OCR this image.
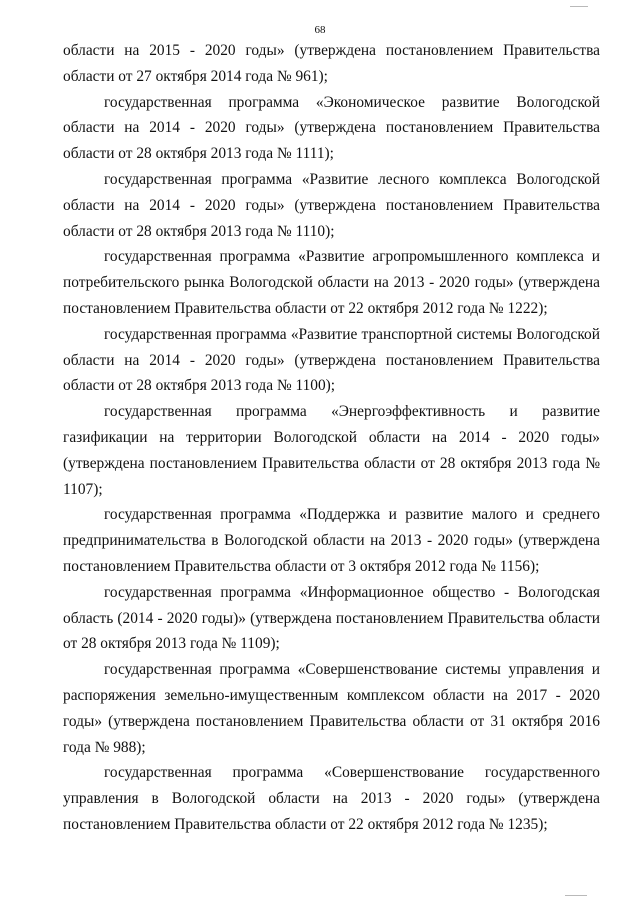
68

области на 2015 - 2020 годы» (утверждена постановлением Правительства области от 27 октября 2014 года № 961);

государственная программа «Экономическое развитие Вологодской области на 2014 - 2020 годы» (утверждена постановлением Правительства области от 28 октября 2013 года № 1111);

государственная программа «Развитие лесного комплекса Вологодской области на 2014 - 2020 годы» (утверждена постановлением Правительства области от 28 октября 2013 года № 1110);

государственная программа «Развитие агропромышленного комплекса и потребительского рынка Вологодской области на 2013 - 2020 годы» (утверждена постановлением Правительства области от 22 октября 2012 года № 1222);

государственная программа «Развитие транспортной системы Вологодской области на 2014 - 2020 годы» (утверждена постановлением Правительства области от 28 октября 2013 года № 1100);

государственная программа «Энергоэффективность и развитие газификации на территории Вологодской области на 2014 - 2020 годы» (утверждена постановлением Правительства области от 28 октября 2013 года № 1107);

государственная программа «Поддержка и развитие малого и среднего предпринимательства в Вологодской области на 2013 - 2020 годы» (утверждена постановлением Правительства области от 3 октября 2012 года № 1156);

государственная программа «Информационное общество - Вологодская область (2014 - 2020 годы)» (утверждена постановлением Правительства области от 28 октября 2013 года № 1109);

государственная программа «Совершенствование системы управления и распоряжения земельно-имущественным комплексом области на 2017 - 2020 годы» (утверждена постановлением Правительства области от 31 октября 2016 года № 988);

государственная программа «Совершенствование государственного управления в Вологодской области на 2013 - 2020 годы» (утверждена постановлением Правительства области от 22 октября 2012 года № 1235);
